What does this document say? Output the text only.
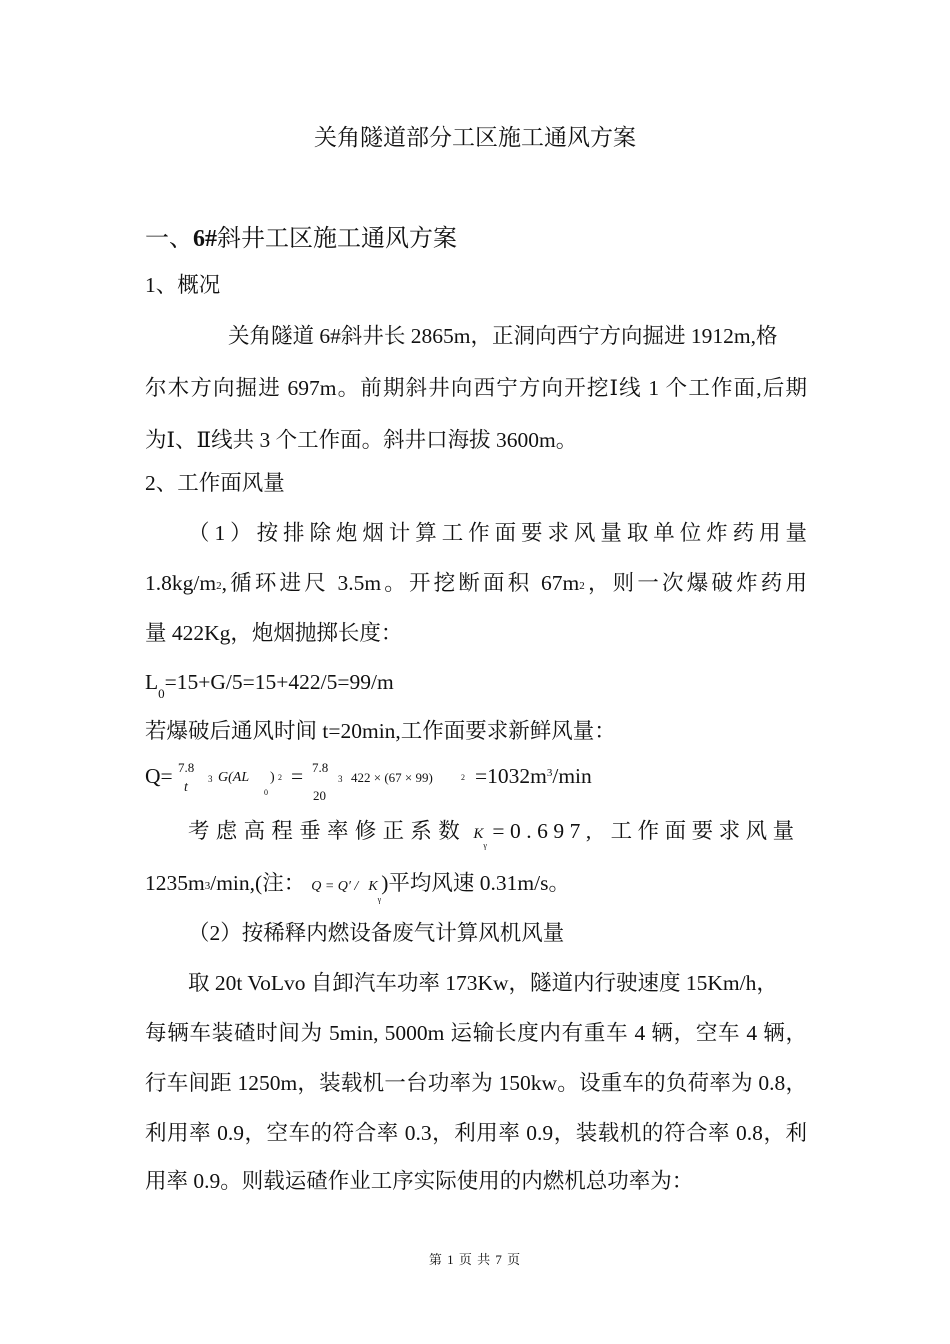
关角隧道部分工区施工通风方案
一、6#斜井工区施工通风方案
1、概况
关角隧道 6#斜井长 2865m，正洞向西宁方向掘进 1912m,格
尔木方向掘进 697m。前期斜井向西宁方向开挖Ⅰ线 1 个工作面,后期
为Ⅰ、Ⅱ线共 3 个工作面。斜井口海拔 3600m。
2、工作面风量
（1）按排除炮烟计算工作面要求风量取单位炸药用量
$1.8kg/m^2$,循环进尺 3.5m。开挖断面积 $67m^2$，则一次爆破炸药用
量 422Kg，炮烟抛掷长度：
$L_0=15+G/5=15+422/5=99/m$
若爆破后通风时间 t=20min,工作面要求新鲜风量：
Q= 7.8
t
3 G(AL
0
) 2 = 7.8
20
3 422 × (67 × 99)	$2 =1032m^3/\min$
考虑高程垂率修正系数 $K_\gamma =0.697$, 工作面要求风量
$1235m^3/\min$,(注： $Q = Q' / K_\gamma$)平均风速 0.31m/s。
（2）按稀释内燃设备废气计算风机风量
取 20t VoLvo 自卸汽车功率 173Kw，隧道内行驶速度 15Km/h，
每辆车装碴时间为 5min, 5000m 运输长度内有重车 4 辆，空车 4 辆，
行车间距 1250m，装载机一台功率为 150kw。设重车的负荷率为 0.8，
利用率 0.9，空车的符合率 0.3，利用率 0.9，装载机的符合率 0.8，利
用率 0.9。则载运碴作业工序实际使用的内燃机总功率为：
第 1 页 共 7 页
